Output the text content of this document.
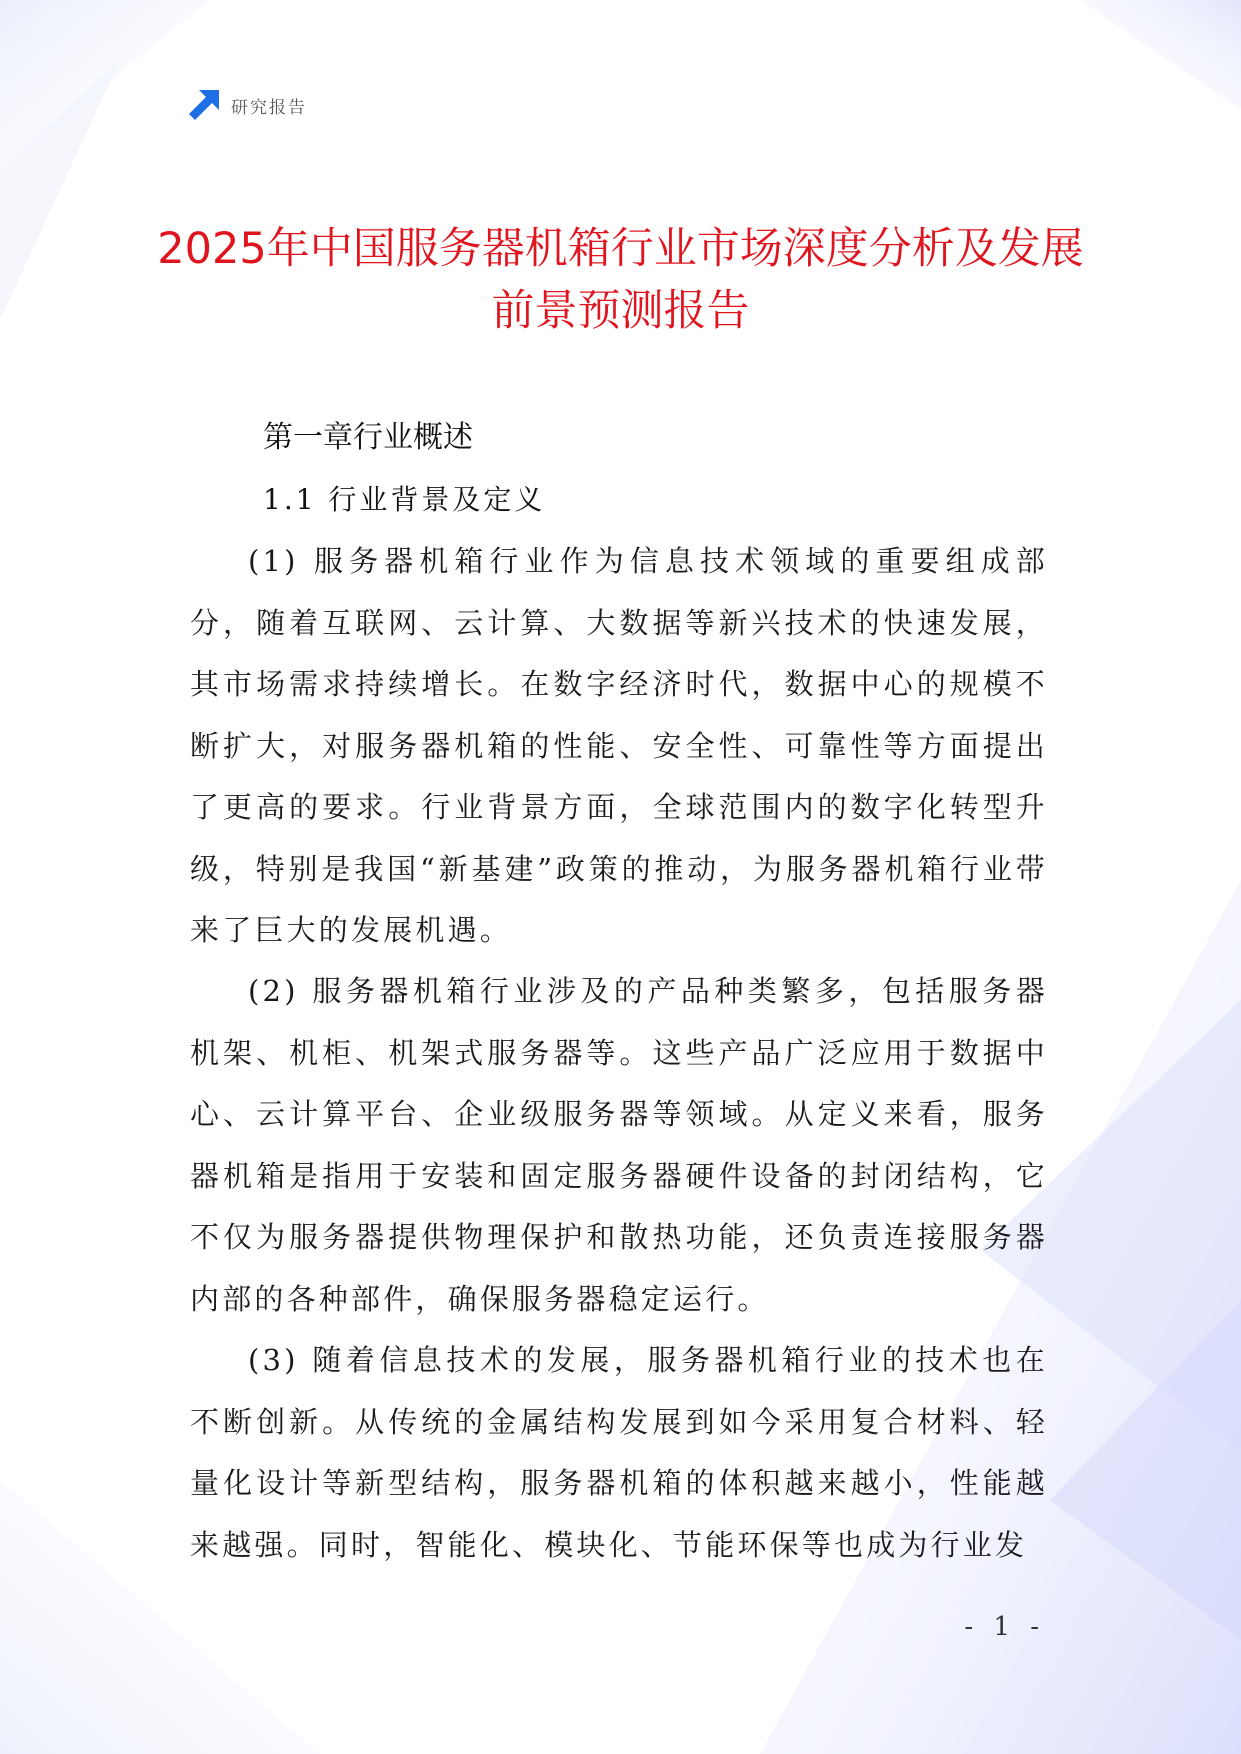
研究报告
2025年中国服务器机箱行业市场深度分析及发展前景预测报告
第一章行业概述
1.1 行业背景及定义

(1) 服务器机箱行业作为信息技术领域的重要组成部分，随着互联网、云计算、大数据等新兴技术的快速发展，其市场需求持续增长。在数字经济时代，数据中心的规模不断扩大，对服务器机箱的性能、安全性、可靠性等方面提出了更高的要求。行业背景方面，全球范围内的数字化转型升级，特别是我国“新基建”政策的推动，为服务器机箱行业带来了巨大的发展机遇。

(2) 服务器机箱行业涉及的产品种类繁多，包括服务器机架、机柜、机架式服务器等。这些产品广泛应用于数据中心、云计算平台、企业级服务器等领域。从定义来看，服务器机箱是指用于安装和固定服务器硬件设备的封闭结构，它不仅为服务器提供物理保护和散热功能，还负责连接服务器内部的各种部件，确保服务器稳定运行。

(3) 随着信息技术的发展，服务器机箱行业的技术也在不断创新。从传统的金属结构发展到如今采用复合材料、轻量化设计等新型结构，服务器机箱的体积越来越小，性能越来越强。同时，智能化、模块化、节能环保等也成为行业发

- 1 -
